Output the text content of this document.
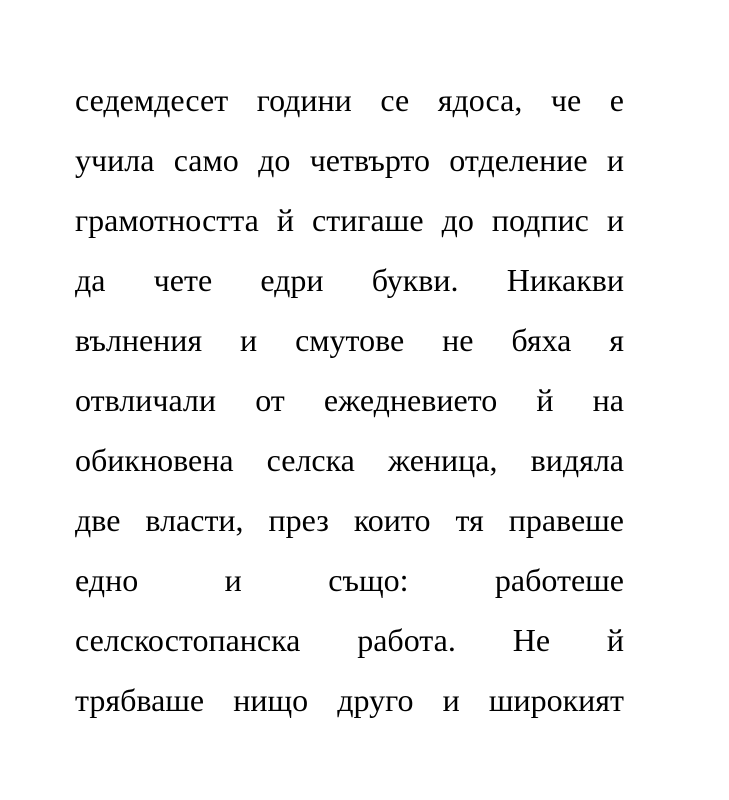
седемдесет години се ядоса, че е
учила само до четвърто отделение и
грамотността й стигаше до подпис и
да чете едри букви. Никакви
вълнения и смутове не бяха я
отвличали от ежедневието й на
обикновена селска женица, видяла
две власти, през които тя правеше
едно и също: работеше
селскостопанска работа. Не й
трябваше нищо друго и широкият
